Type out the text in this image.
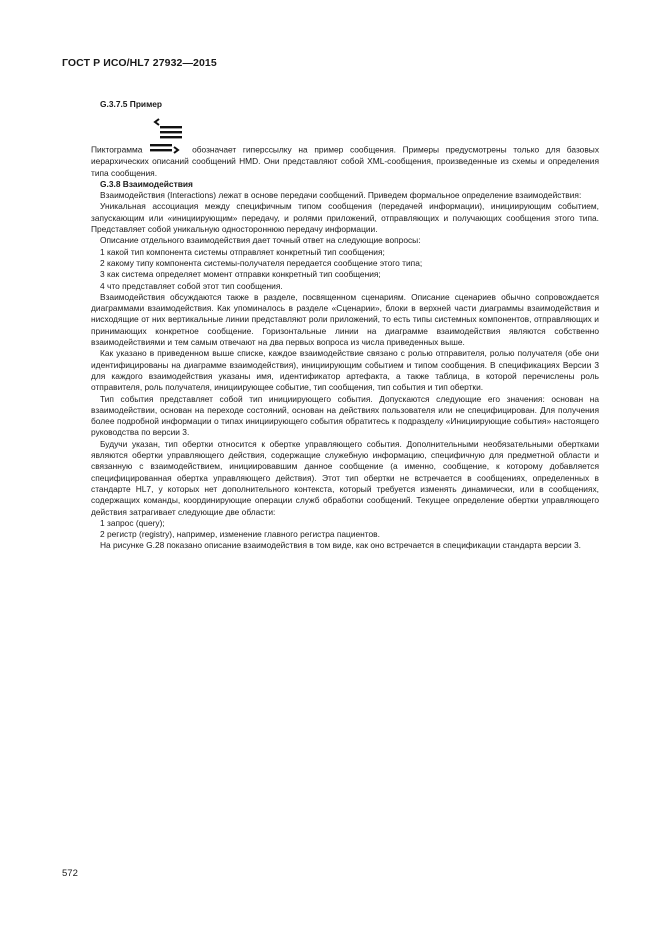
ГОСТ Р ИСО/HL7 27932—2015

G.3.7.5 Пример

Пиктограмма	обозначает гиперссылку на пример сообщения. Примеры предусмотрены только для базовых иерархических описаний сообщений HMD. Они представляют собой XML-сообщения, произведенные из схемы и определения типа сообщения.

G.3.8 Взаимодействия

Взаимодействия (Interactions) лежат в основе передачи сообщений. Приведем формальное определение взаимодействия:

Уникальная ассоциация между специфичным типом сообщения (передачей информации), инициирующим событием, запускающим или «инициирующим» передачу, и ролями приложений, отправляющих и получающих сообщения этого типа. Представляет собой уникальную одностороннюю передачу информации.

Описание отдельного взаимодействия дает точный ответ на следующие вопросы:

1 какой тип компонента системы отправляет конкретный тип сообщения;

2 какому типу компонента системы-получателя передается сообщение этого типа;

3 как система определяет момент отправки конкретный тип сообщения;

4 что представляет собой этот тип сообщения.

Взаимодействия обсуждаются также в разделе, посвященном сценариям. Описание сценариев обычно сопровождается диаграммами взаимодействия. Как упоминалось в разделе «Сценарии», блоки в верхней части диаграммы взаимодействия и нисходящие от них вертикальные линии представляют роли приложений, то есть типы системных компонентов, отправляющих и принимающих конкретное сообщение. Горизонтальные линии на диаграмме взаимодействия являются собственно взаимодействиями и тем самым отвечают на два первых вопроса из числа приведенных выше.

Как указано в приведенном выше списке, каждое взаимодействие связано с ролью отправителя, ролью получателя (обе они идентифицированы на диаграмме взаимодействия), инициирующим событием и типом сообщения. В спецификациях Версии 3 для каждого взаимодействия указаны имя, идентификатор артефакта, а также таблица, в которой перечислены роль отправителя, роль получателя, инициирующее событие, тип сообщения, тип события и тип обертки.

Тип события представляет собой тип инициирующего события. Допускаются следующие его значения: основан на взаимодействии, основан на переходе состояний, основан на действиях пользователя или не специфицирован. Для получения более подробной информации о типах инициирующего события обратитесь к подразделу «Инициирующие события» настоящего руководства по версии 3.

Будучи указан, тип обертки относится к обертке управляющего события. Дополнительными необязательными обертками являются обертки управляющего действия, содержащие служебную информацию, специфичную для предметной области и связанную с взаимодействием, инициировавшим данное сообщение (а именно, сообщение, к которому добавляется специфицированная обертка управляющего действия). Этот тип обертки не встречается в сообщениях, определенных в стандарте HL7, у которых нет дополнительного контекста, который требуется изменять динамически, или в сообщениях, содержащих команды, координирующие операции служб обработки сообщений. Текущее определение обертки управляющего действия затрагивает следующие две области:

1 запрос (query);

2 регистр (registry), например, изменение главного регистра пациентов.

На рисунке G.28 показано описание взаимодействия в том виде, как оно встречается в спецификации стандарта версии 3.

572
